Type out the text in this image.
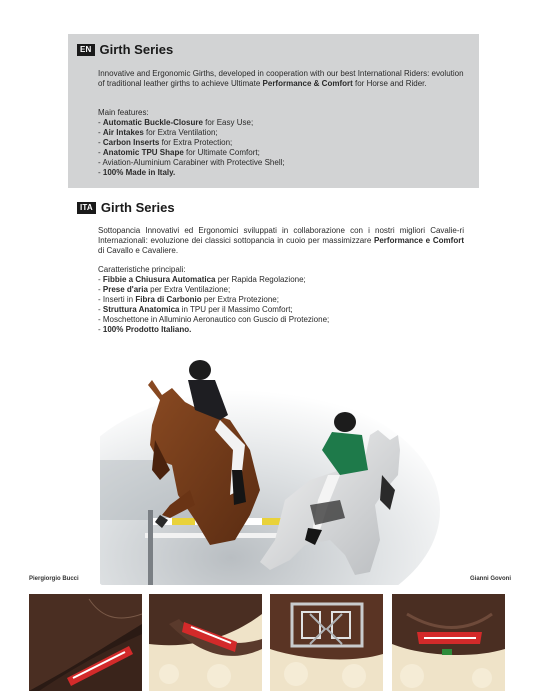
EN Girth Series

Innovative and Ergonomic Girths, developed in cooperation with our best International Riders: evolution of traditional leather girths to achieve Ultimate Performance & Comfort for Horse and Rider.

Main features:

- Automatic Buckle-Closure for Easy Use;
- Air Intakes for Extra Ventilation;
- Carbon Inserts for Extra Protection;
- Anatomic TPU Shape for Ultimate Comfort;
- Aviation-Aluminium Carabiner with Protective Shell;
- 100% Made in Italy.
ITA Girth Series

Sottopancia Innovativi ed Ergonomici sviluppati in collaborazione con i nostri migliori Cavalie-ri Internazionali: evoluzione dei classici sottopancia in cuoio per massimizzare Performance e Comfort di Cavallo e Cavaliere.

Caratteristiche principali:

- Fibbie a Chiusura Automatica per Rapida Regolazione;
- Prese d'aria per Extra Ventilazione;
- Inserti in Fibra di Carbonio per Extra Protezione;
- Struttura Anatomica in TPU per il Massimo Comfort;
- Moschettone in Alluminio Aeronautico con Guscio di Protezione;
- 100% Prodotto Italiano.
Piergiorgio Bucci	Gianni Govoni
